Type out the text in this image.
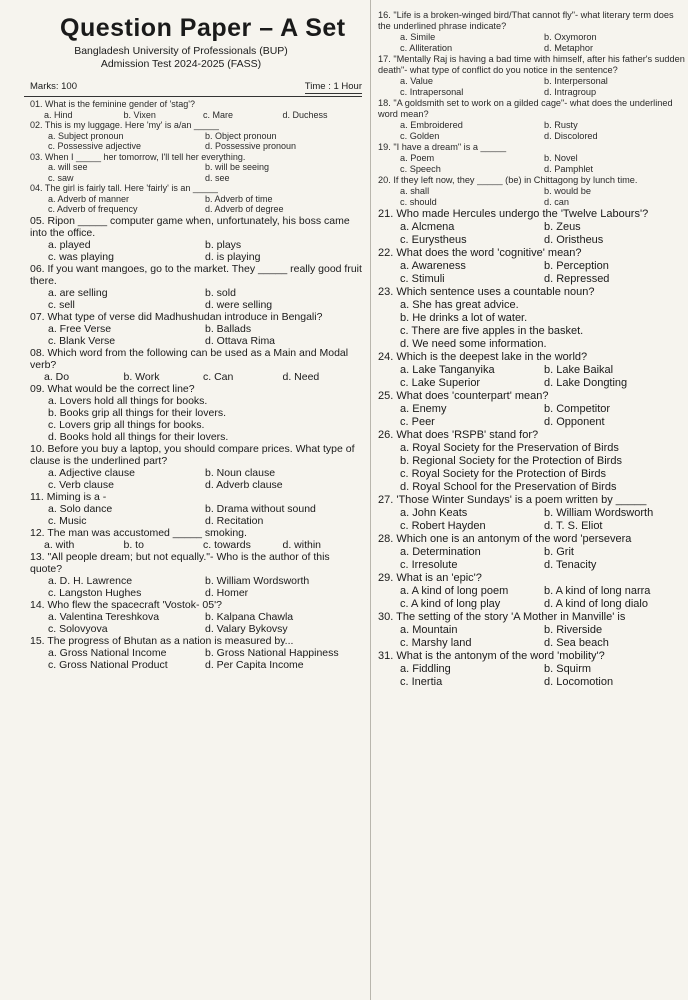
Question Paper – A Set
Bangladesh University of Professionals (BUP)
Admission Test 2024-2025 (FASS)
Marks: 100	Time : 1 Hour
01. What is the feminine gender of 'stag'?
a. Hind	b. Vixen	c. Mare	d. Duchess
02. This is my luggage. Here 'my' is a/an _____
a. Subject pronoun	b. Object pronoun
c. Possessive adjective	d. Possessive pronoun
03. When I _____ her tomorrow, I'll tell her everything.
a. will see	b. will be seeing
c. saw	d. see
04. The girl is fairly tall. Here 'fairly' is an _____
a. Adverb of manner	b. Adverb of time
c. Adverb of frequency	d. Adverb of degree
05. Ripon _____ computer game when, unfortunately, his boss came into the office.
a. played	b. plays
c. was playing	d. is playing
06. If you want mangoes, go to the market. They _____ really good fruit there.
a. are selling	b. sold
c. sell	d. were selling
07. What type of verse did Madhushudan introduce in Bengali?
a. Free Verse	b. Ballads
c. Blank Verse	d. Ottava Rima
08. Which word from the following can be used as a Main and Modal verb?
a. Do	b. Work	c. Can	d. Need
09. What would be the correct line?
a. Lovers hold all things for books.
b. Books grip all things for their lovers.
c. Lovers grip all things for books.
d. Books hold all things for their lovers.
10. Before you buy a laptop, you should compare prices. What type of clause is the underlined part?
a. Adjective clause	b. Noun clause
c. Verb clause	d. Adverb clause
11. Miming is a -
a. Solo dance	b. Drama without sound
c. Music	d. Recitation
12. The man was accustomed _____ smoking.
a. with	b. to	c. towards	d. within
13. "All people dream; but not equally."- Who is the author of this quote?
a. D. H. Lawrence	b. William Wordsworth
c. Langston Hughes	d. Homer
14. Who flew the spacecraft 'Vostok- 05'?
a. Valentina Tereshkova	b. Kalpana Chawla
c. Solovyova	d. Valary Bykovsy
15. The progress of Bhutan as a nation is measured by...
a. Gross National Income	b. Gross National Happiness
c. Gross National Product	d. Per Capita Income
16. "Life is a broken-winged bird/That cannot fly"- what literary term does the underlined phrase indicate?
a. Simile	b. Oxymoron
c. Alliteration	d. Metaphor
17. "Mentally Raj is having a bad time with himself, after his father's sudden death"- what type of conflict do you notice in the sentence?
a. Value	b. Interpersonal
c. Intrapersonal	d. Intragroup
18. "A goldsmith set to work on a gilded cage"- what does the underlined word mean?
a. Embroidered	b. Rusty
c. Golden	d. Discolored
19. "I have a dream" is a _____
a. Poem	b. Novel
c. Speech	d. Pamphlet
20. If they left now, they _____ (be) in Chittagong by lunch time.
a. shall	b. would be
c. should	d. can
21. Who made Hercules undergo the 'Twelve Labours'?
a. Alcmena	b. Zeus
c. Eurystheus	d. Oristheus
22. What does the word 'cognitive' mean?
a. Awareness	b. Perception
c. Stimuli	d. Repressed
23. Which sentence uses a countable noun?
a. She has great advice.
b. He drinks a lot of water.
c. There are five apples in the basket.
d. We need some information.
24. Which is the deepest lake in the world?
a. Lake Tanganyika	b. Lake Baikal
c. Lake Superior	d. Lake Dongting
25. What does 'counterpart' mean?
a. Enemy	b. Competitor
c. Peer	d. Opponent
26. What does 'RSPB' stand for?
a. Royal Society for the Preservation of Birds
b. Regional Society for the Protection of Birds
c. Royal Society for the Protection of Birds
d. Royal School for the Preservation of Birds
27. 'Those Winter Sundays' is a poem written by _____
a. John Keats	b. William Wordsworth
c. Robert Hayden	d. T. S. Eliot
28. Which one is an antonym of the word 'persevera
a. Determination	b. Grit
c. Irresolute	d. Tenacity
29. What is an 'epic'?
a. A kind of long poem	b. A kind of long narra
c. A kind of long play	d. A kind of long dialo
30. The setting of the story 'A Mother in Manville' is
a. Mountain	b. Riverside
c. Marshy land	d. Sea beach
31. What is the antonym of the word 'mobility'?
a. Fiddling	b. Squirm
c. Inertia	d. Locomotion
